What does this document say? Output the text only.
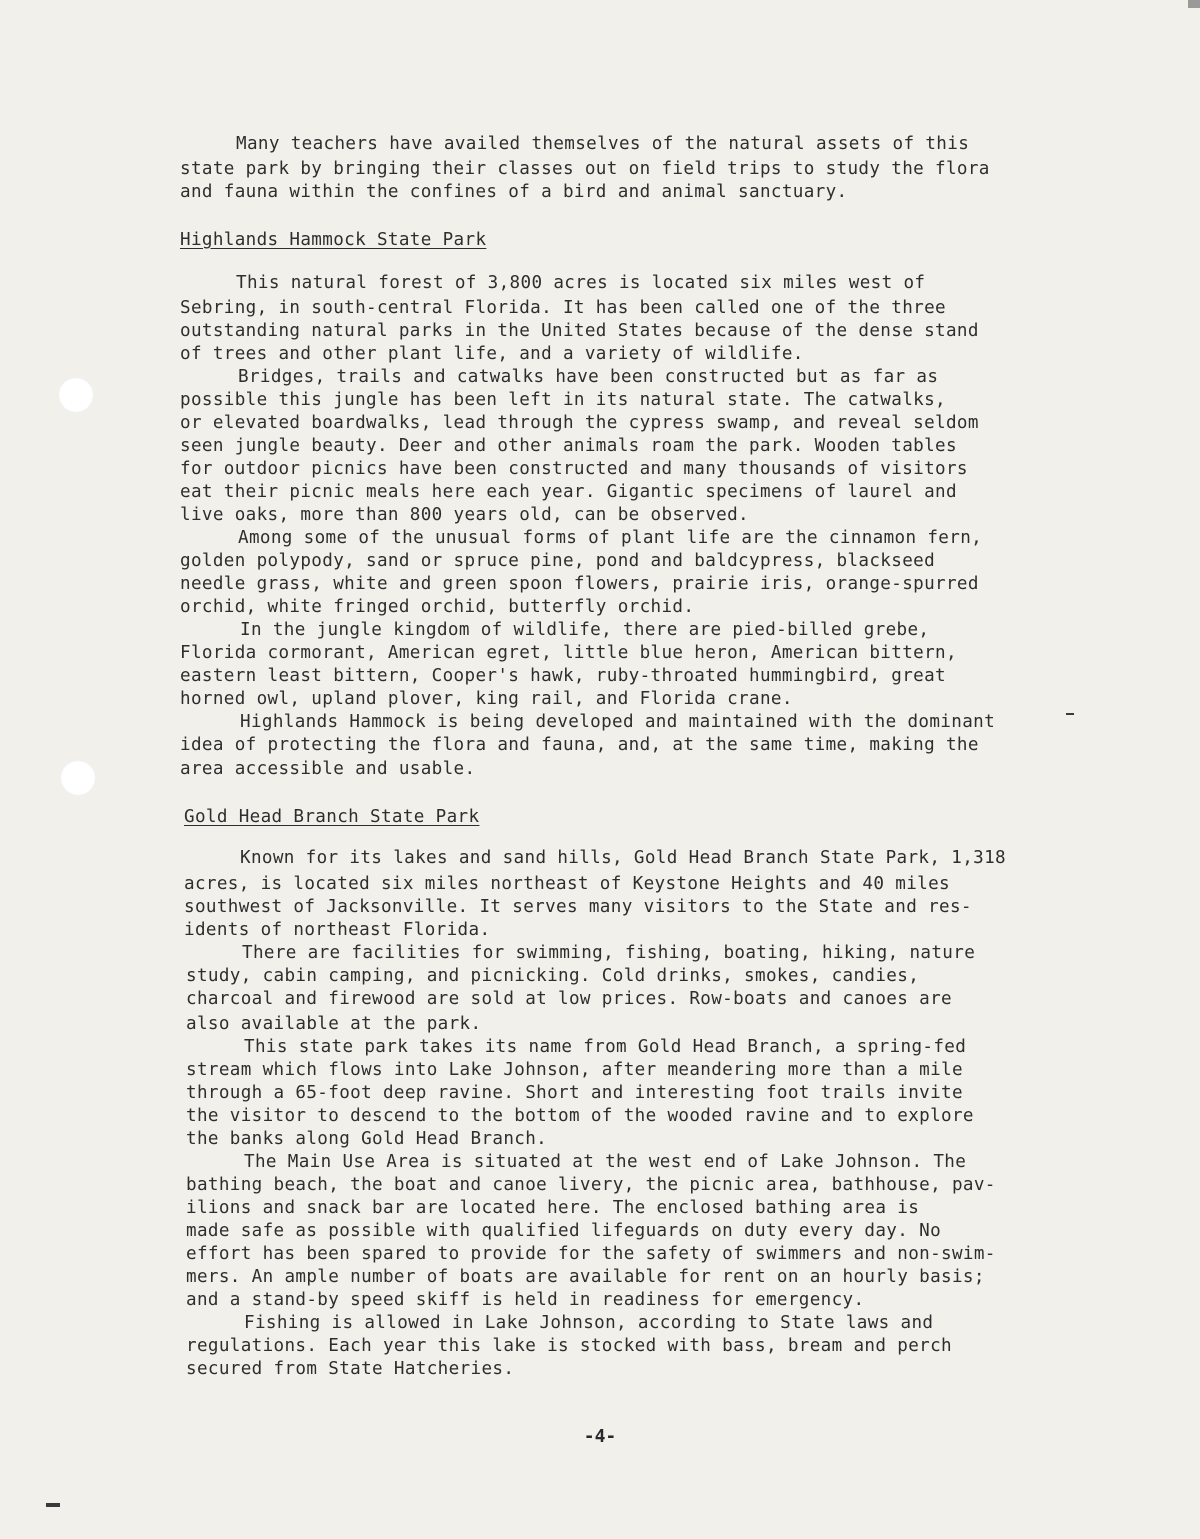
Many teachers have availed themselves of the natural assets of this
state park by bringing their classes out on field trips to study the flora
and fauna within the confines of a bird and animal sanctuary.
Highlands Hammock State Park
This natural forest of 3,800 acres is located six miles west of
Sebring, in south-central Florida. It has been called one of the three
outstanding natural parks in the United States because of the dense stand
of trees and other plant life, and a variety of wildlife.
Bridges, trails and catwalks have been constructed but as far as
possible this jungle has been left in its natural state. The catwalks,
or elevated boardwalks, lead through the cypress swamp, and reveal seldom
seen jungle beauty. Deer and other animals roam the park. Wooden tables
for outdoor picnics have been constructed and many thousands of visitors
eat their picnic meals here each year. Gigantic specimens of laurel and
live oaks, more than 800 years old, can be observed.
Among some of the unusual forms of plant life are the cinnamon fern,
golden polypody, sand or spruce pine, pond and baldcypress, blackseed
needle grass, white and green spoon flowers, prairie iris, orange-spurred
orchid, white fringed orchid, butterfly orchid.
In the jungle kingdom of wildlife, there are pied-billed grebe,
Florida cormorant, American egret, little blue heron, American bittern,
eastern least bittern, Cooper's hawk, ruby-throated hummingbird, great
horned owl, upland plover, king rail, and Florida crane.
Highlands Hammock is being developed and maintained with the dominant
idea of protecting the flora and fauna, and, at the same time, making the
area accessible and usable.
Gold Head Branch State Park
Known for its lakes and sand hills, Gold Head Branch State Park, 1,318
acres, is located six miles northeast of Keystone Heights and 40 miles
southwest of Jacksonville. It serves many visitors to the State and res-
idents of northeast Florida.
There are facilities for swimming, fishing, boating, hiking, nature
study, cabin camping, and picnicking. Cold drinks, smokes, candies,
charcoal and firewood are sold at low prices. Row-boats and canoes are
also available at the park.
This state park takes its name from Gold Head Branch, a spring-fed
stream which flows into Lake Johnson, after meandering more than a mile
through a 65-foot deep ravine. Short and interesting foot trails invite
the visitor to descend to the bottom of the wooded ravine and to explore
the banks along Gold Head Branch.
The Main Use Area is situated at the west end of Lake Johnson. The
bathing beach, the boat and canoe livery, the picnic area, bathhouse, pav-
ilions and snack bar are located here. The enclosed bathing area is
made safe as possible with qualified lifeguards on duty every day. No
effort has been spared to provide for the safety of swimmers and non-swim-
mers. An ample number of boats are available for rent on an hourly basis;
and a stand-by speed skiff is held in readiness for emergency.
Fishing is allowed in Lake Johnson, according to State laws and
regulations. Each year this lake is stocked with bass, bream and perch
secured from State Hatcheries.
-4-
